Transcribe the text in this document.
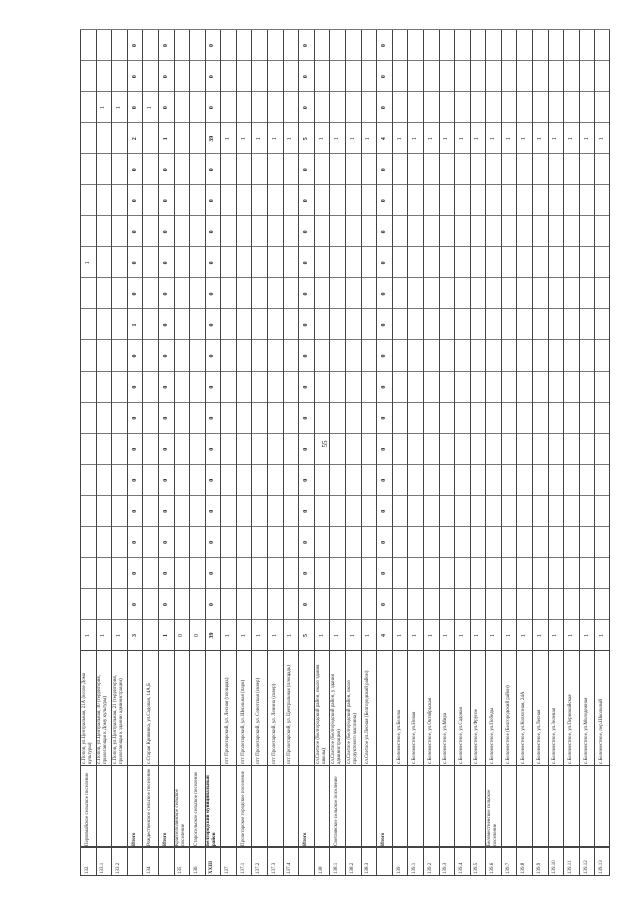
55
132
Первомайское сельское поселение
с.Попов, ул.Центральная, 21А (возле Дома культуры)
1
1
133.1
с.Попов, ул.Центральная, 30 (территория, прилегающая к Дому культуры)
1
1
133.2
с.Попов, ул.Центральная, 21 (территория, прилегающая к зданию администрации)
1
1
Итого
3
0
0
0
0
0
0
0
0
0
1
0
0
0
0
0
2
0
0
0
134
Рождественское сельское поселение
с.Старая Кривянка, ул.Садовая, 14А,Б
1
Итого
1
0
0
0
0
0
0
0
0
0
0
0
0
0
0
0
1
0
0
0
135
Краснополянское сельское поселение
0
136
Старосельское сельское поселение
0
XXIII
Белгородский муниципальный район
39
0
0
0
0
0
0
0
0
0
0
0
0
0
0
0
39
0
0
0
137
пгт Пролетарский, ул. Лесная (площадь)
1
1
137.1
Пролетарское городское поселение
пгт Пролетарский, ул. Школьная (парк)
1
1
137.2
пгт Пролетарский, ул. Советская (сквер)
1
1
137.3
пгт Пролетарский, ул. Ленина (сквер)
1
1
137.4
пгт Пролетарский, ул. Центральная (площадь)
1
1
Итого
5
0
0
0
0
0
0
0
0
0
0
0
0
0
0
0
5
0
0
0
138
сл.Светлое (Белгородский район, около здания школы)
1
1
138.1
Светлянское сельское поселение
сл.Светлое (Белгородский район, у здания администрации)
1
1
138.2
сл.Светлое (Белгородский район, около продуктового магазина)
1
1
138.3
сл.Светлое ул.Лесная (Белгородский район)
1
1
Итого
4
0
0
0
0
0
0
0
0
0
0
0
0
0
0
0
4
0
0
0
139
с.Беломестное, ул.Белова
1
1
139.1
с.Беломестное, ул.Новая
1
1
139.2
с.Беломестное, ул.Октябрьская
1
1
139.3
с.Беломестное, ул.Мира
1
1
139.4
с.Беломестное, ул.Садовая
1
1
139.5
с.Беломестное, ул.Фрунзе
1
1
139.6
Беломестненское сельское поселение
с.Беломестное, ул.Победы
1
1
139.7
с.Беломестное (Белгородский район)
1
1
139.8
с.Беломестное, ул.Колхозная, 24А
1
1
139.9
с.Беломестное, ул.Лесная
1
1
139.10
с.Беломестное, ул.Зеленая
1
1
139.11
с.Беломестное, ул.Первомайская
1
1
139.12
с.Беломестное, ул.Молодежная
1
1
139.13
с.Беломестное, пер.Школьный
1
1
